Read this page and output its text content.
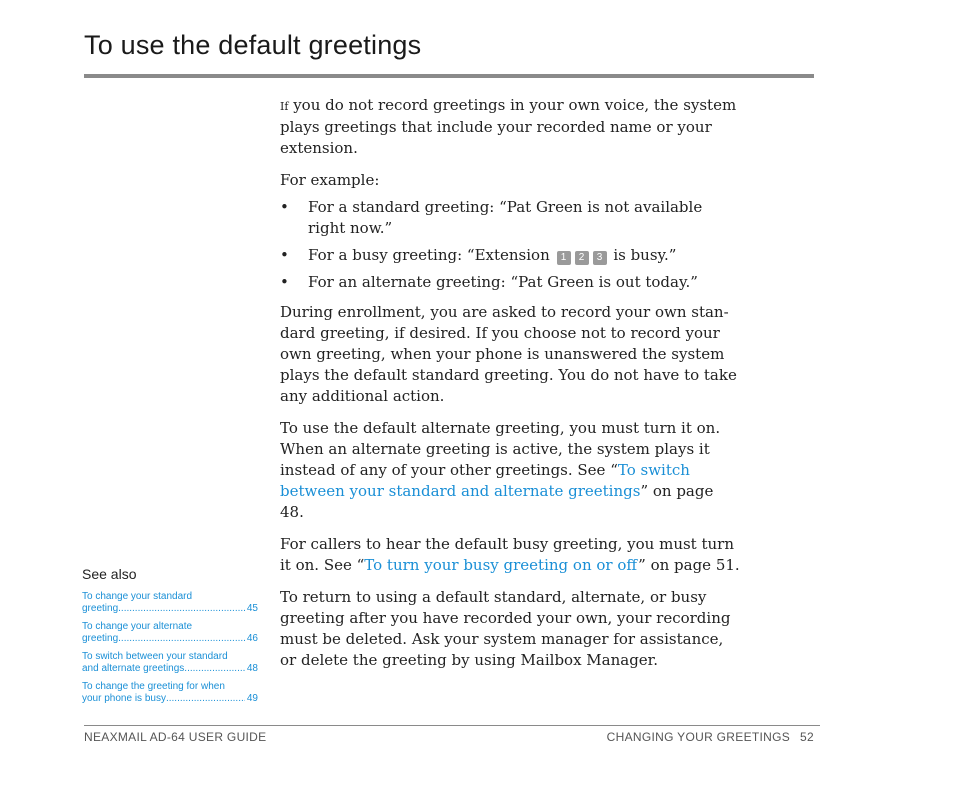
To use the default greetings

If you do not record greetings in your own voice, the system plays greetings that include your recorded name or your extension.

For example:

• For a standard greeting: “Pat Green is not available right now.”
• For a busy greeting: “Extension 1 2 3 is busy.”
• For an alternate greeting: “Pat Green is out today.”

During enrollment, you are asked to record your own stan-dard greeting, if desired. If you choose not to record your own greeting, when your phone is unanswered the system plays the default standard greeting. You do not have to take any additional action.

To use the default alternate greeting, you must turn it on. When an alternate greeting is active, the system plays it instead of any of your other greetings. See “To switch between your standard and alternate greetings” on page 48.

For callers to hear the default busy greeting, you must turn it on. See “To turn your busy greeting on or off” on page 51.

To return to using a default standard, alternate, or busy greeting after you have recorded your own, your recording must be deleted. Ask your system manager for assistance, or delete the greeting by using Mailbox Manager.

See also
To change your standard
greeting .....	45
To change your alternate
greeting .....	46
To switch between your standard
and alternate greetings .....	48
To change the greeting for when
your phone is busy .....	49
NEAXMAIL AD-64 USER GUIDE	CHANGING YOUR GREETINGS 52
